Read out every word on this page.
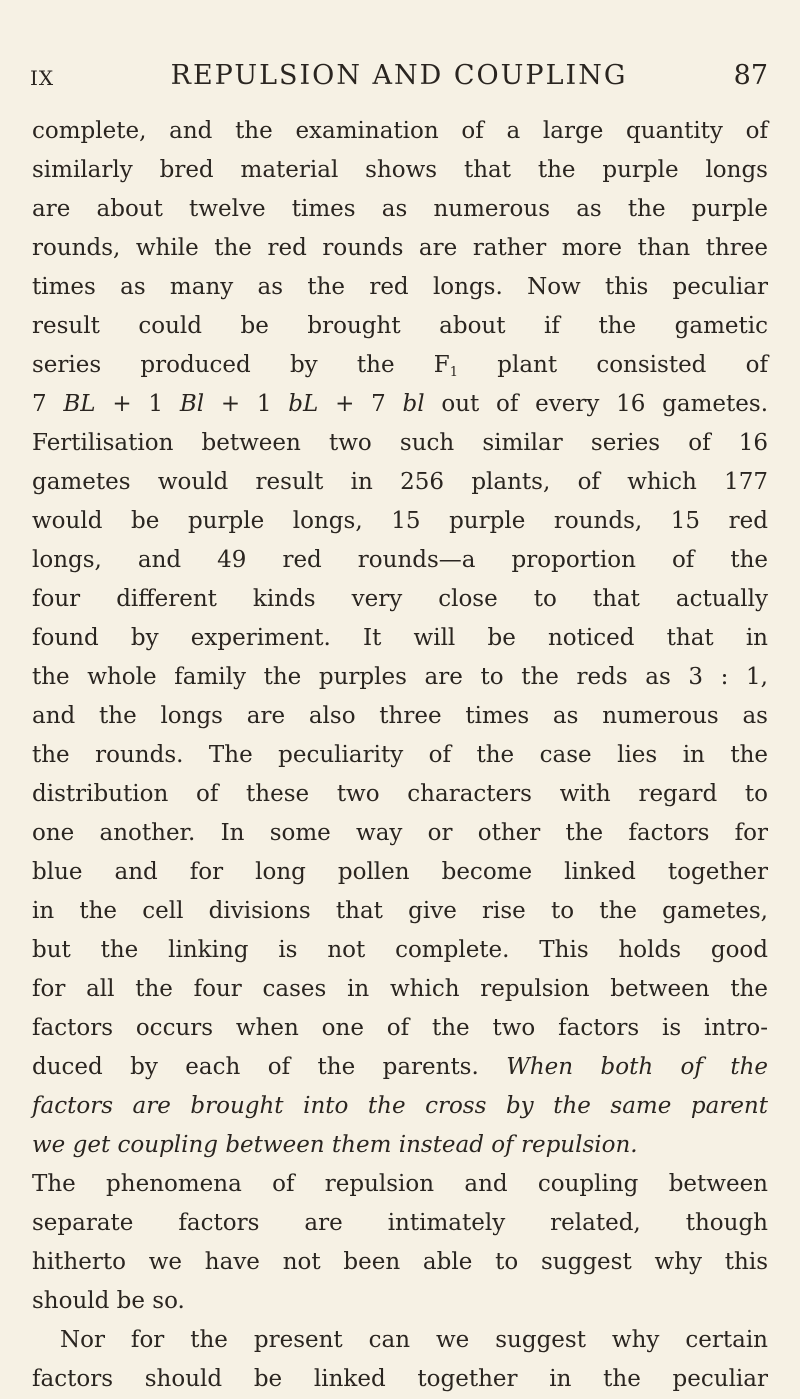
IX	REPULSION AND COUPLING	87
complete, and the examination of a large quantity of
similarly bred material shows that the purple longs
are about twelve times as numerous as the purple
rounds, while the red rounds are rather more than three
times as many as the red longs. Now this peculiar
result could be brought about if the gametic
series produced by the $F_1$ plant consisted of
7 BL + 1 Bl + 1 bL + 7 bl out of every 16 gametes.
Fertilisation between two such similar series of 16
gametes would result in 256 plants, of which 177
would be purple longs, 15 purple rounds, 15 red
longs, and 49 red rounds—a proportion of the
four different kinds very close to that actually
found by experiment. It will be noticed that in
the whole family the purples are to the reds as 3 : 1,
and the longs are also three times as numerous as
the rounds. The peculiarity of the case lies in the
distribution of these two characters with regard to
one another. In some way or other the factors for
blue and for long pollen become linked together
in the cell divisions that give rise to the gametes,
but the linking is not complete. This holds good
for all the four cases in which repulsion between the
factors occurs when one of the two factors is intro-
duced by each of the parents. When both of the
factors are brought into the cross by the same parent
we get coupling between them instead of repulsion.
The phenomena of repulsion and coupling between
separate factors are intimately related, though
hitherto we have not been able to suggest why this
should be so.
Nor for the present can we suggest why certain
factors should be linked together in the peculiar
